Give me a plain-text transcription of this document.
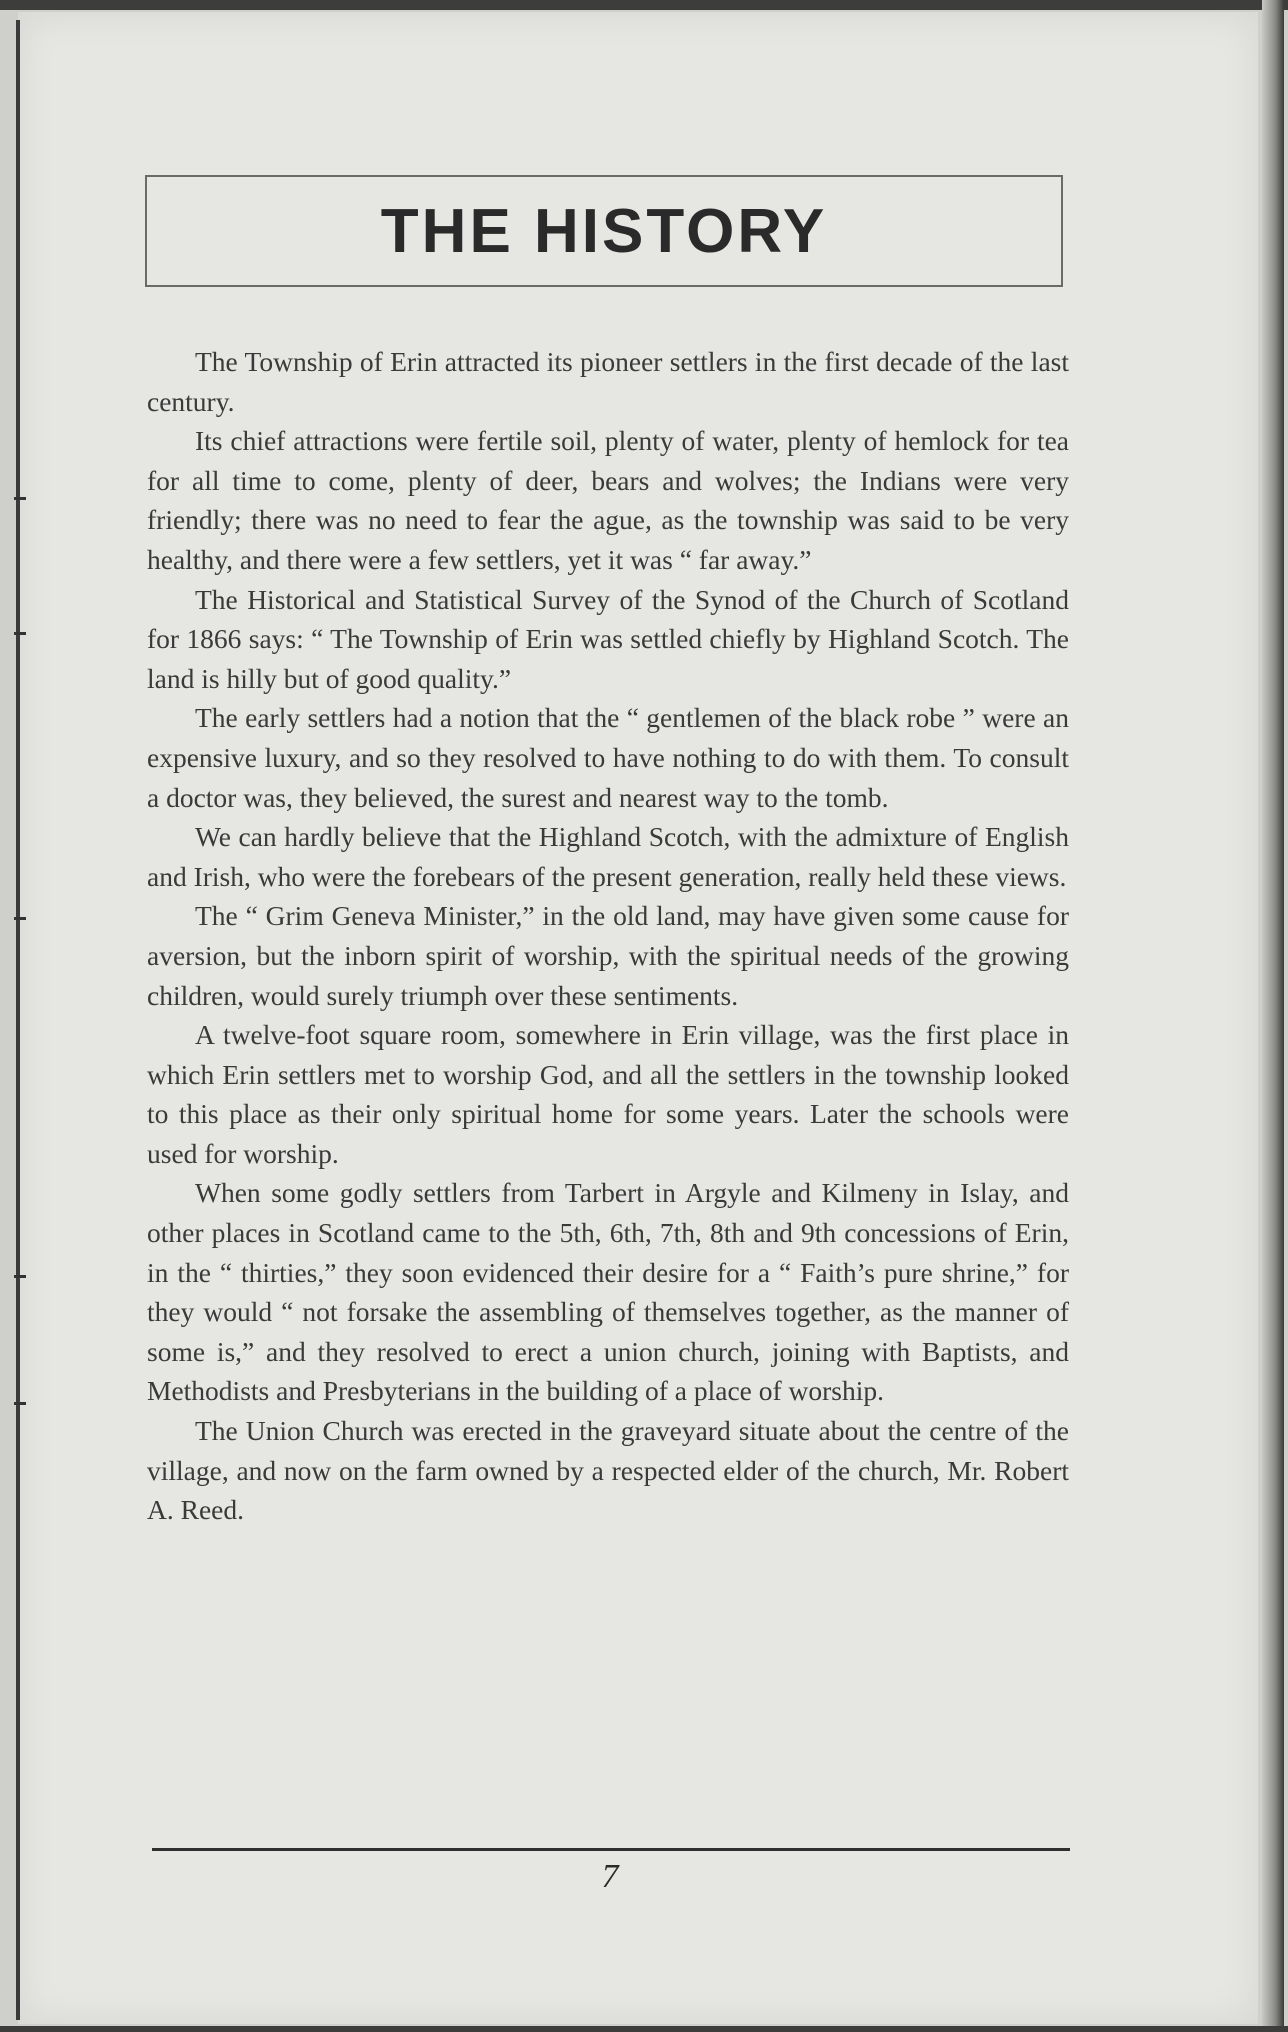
THE HISTORY

The Township of Erin attracted its pioneer settlers in the first decade of the last century.

Its chief attractions were fertile soil, plenty of water, plenty of hemlock for tea for all time to come, plenty of deer, bears and wolves; the Indians were very friendly; there was no need to fear the ague, as the township was said to be very healthy, and there were a few settlers, yet it was “ far away.”

The Historical and Statistical Survey of the Synod of the Church of Scotland for 1866 says: “ The Township of Erin was settled chiefly by Highland Scotch. The land is hilly but of good quality.”

The early settlers had a notion that the “ gentlemen of the black robe ” were an expensive luxury, and so they resolved to have nothing to do with them. To consult a doctor was, they believed, the surest and nearest way to the tomb.

We can hardly believe that the Highland Scotch, with the admixture of English and Irish, who were the forebears of the present generation, really held these views.

The “ Grim Geneva Minister,” in the old land, may have given some cause for aversion, but the inborn spirit of worship, with the spiritual needs of the growing children, would surely triumph over these sentiments.

A twelve-foot square room, somewhere in Erin village, was the first place in which Erin settlers met to worship God, and all the settlers in the township looked to this place as their only spiritual home for some years. Later the schools were used for worship.

When some godly settlers from Tarbert in Argyle and Kilmeny in Islay, and other places in Scotland came to the 5th, 6th, 7th, 8th and 9th concessions of Erin, in the “ thirties,” they soon evidenced their desire for a “ Faith’s pure shrine,” for they would “ not forsake the assembling of themselves together, as the manner of some is,” and they resolved to erect a union church, joining with Baptists, and Methodists and Presbyterians in the building of a place of worship.

The Union Church was erected in the graveyard situate about the centre of the village, and now on the farm owned by a respected elder of the church, Mr. Robert A. Reed.

7
